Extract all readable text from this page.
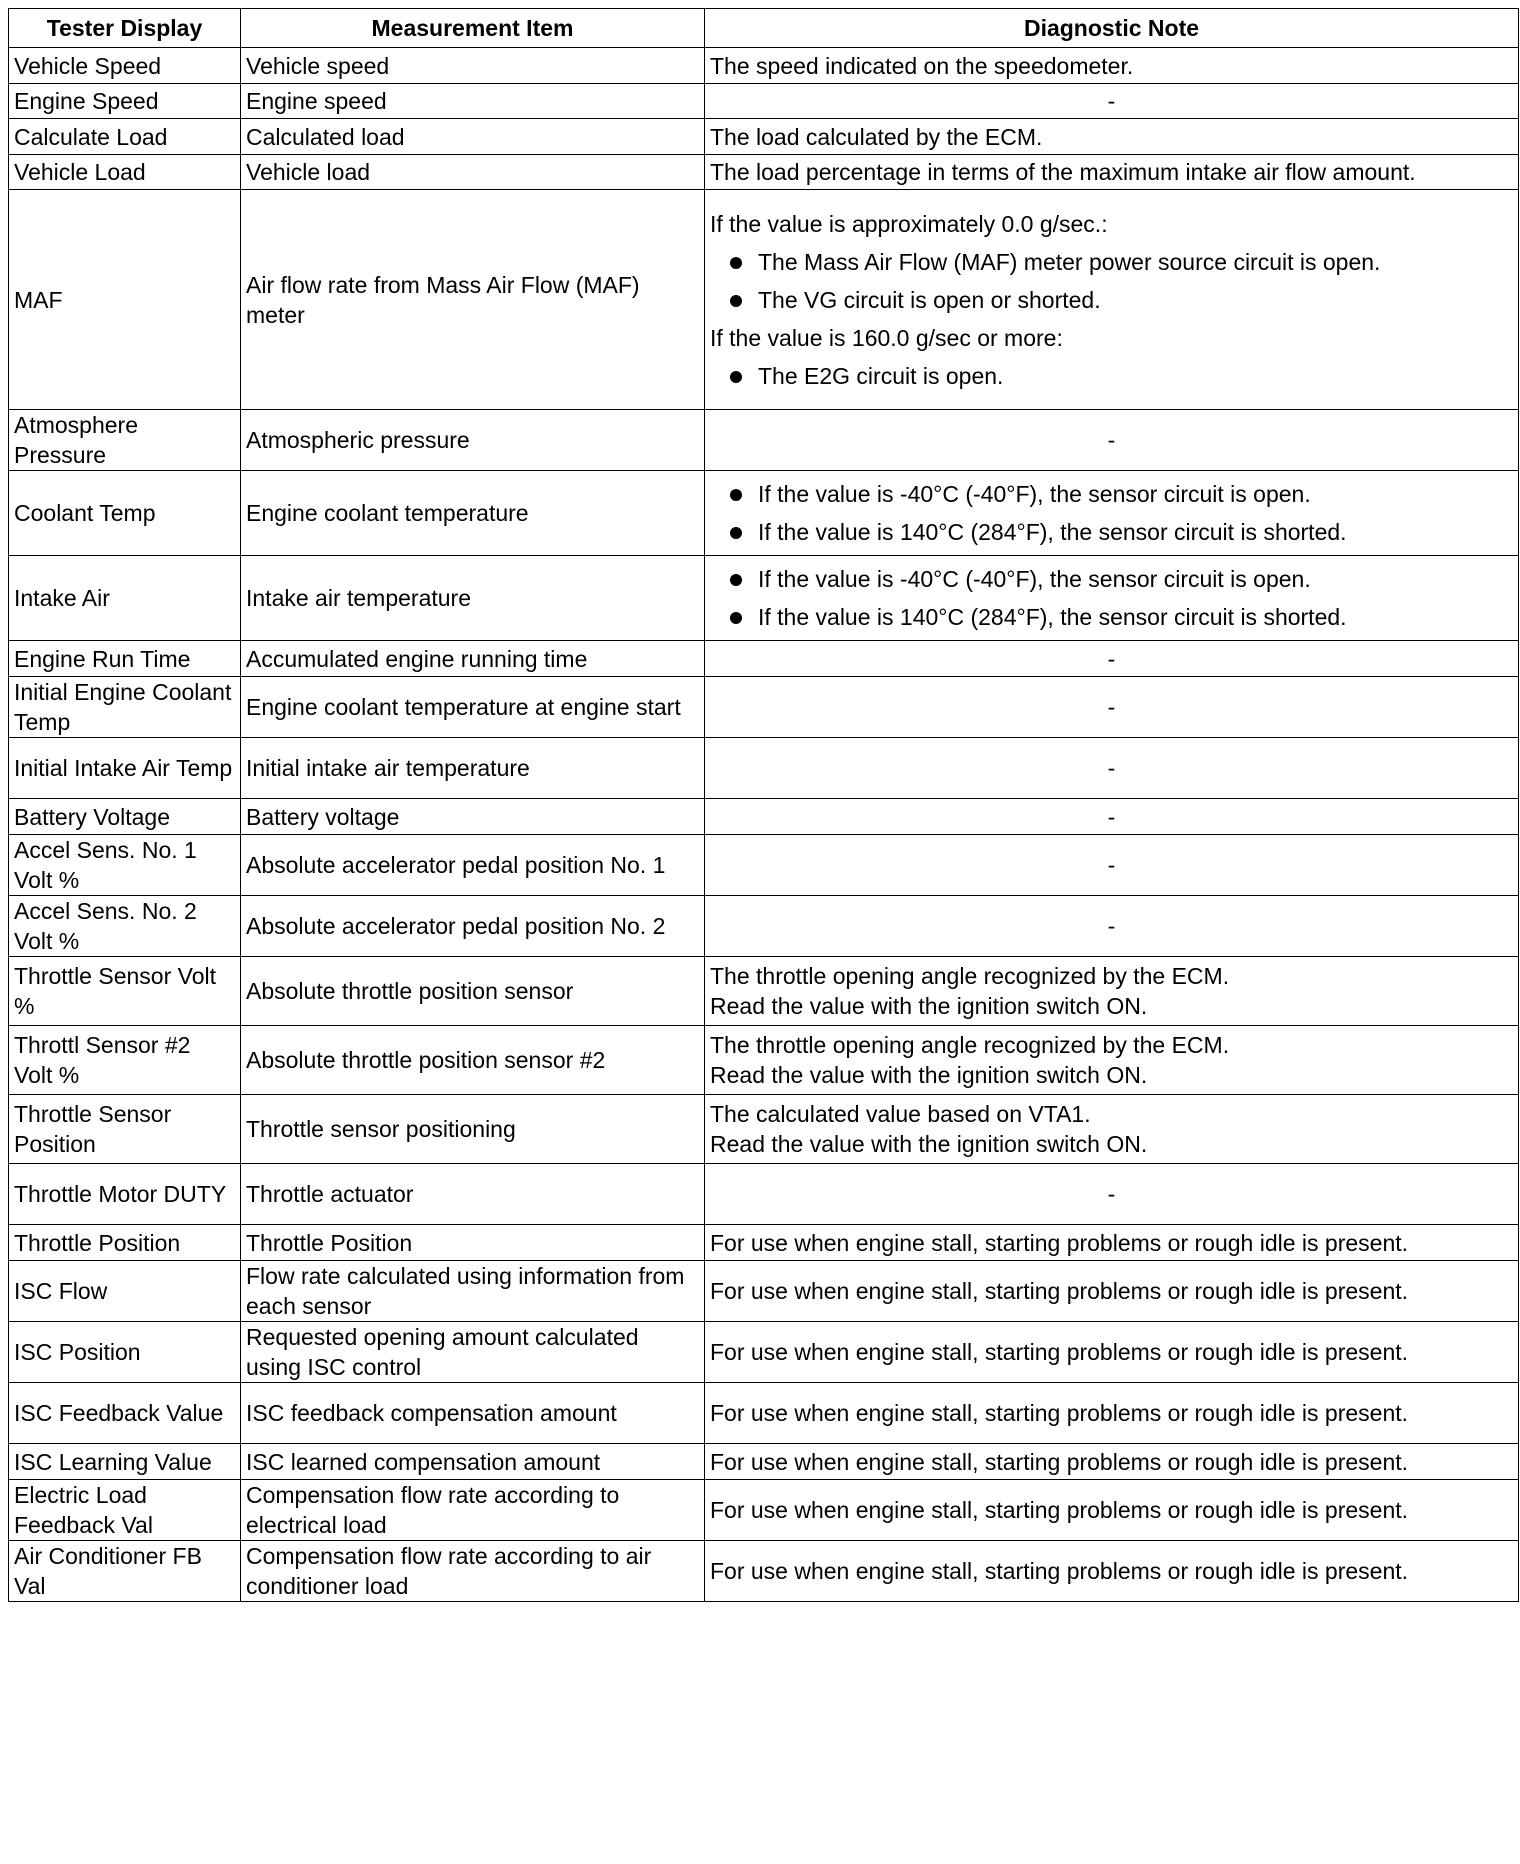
Tester Display	Measurement Item	Diagnostic Note
Vehicle Speed	Vehicle speed	The speed indicated on the speedometer.
Engine Speed	Engine speed	-
Calculate Load	Calculated load	The load calculated by the ECM.
Vehicle Load	Vehicle load	The load percentage in terms of the maximum intake air flow amount.
MAF	Air flow rate from Mass Air Flow (MAF) meter	If the value is approximately 0.0 g/sec.:
The Mass Air Flow (MAF) meter power source circuit is open.
The VG circuit is open or shorted.
If the value is 160.0 g/sec or more:
The E2G circuit is open.

Atmosphere Pressure	Atmospheric pressure	-
Coolant Temp	Engine coolant temperature	If the value is -40°C (-40°F), the sensor circuit is open.
If the value is 140°C (284°F), the sensor circuit is shorted.

Intake Air	Intake air temperature	If the value is -40°C (-40°F), the sensor circuit is open.
If the value is 140°C (284°F), the sensor circuit is shorted.

Engine Run Time	Accumulated engine running time	-
Initial Engine Coolant Temp	Engine coolant temperature at engine start	-
Initial Intake Air Temp	Initial intake air temperature	-
Battery Voltage	Battery voltage	-
Accel Sens. No. 1 Volt %	Absolute accelerator pedal position No. 1	-
Accel Sens. No. 2 Volt %	Absolute accelerator pedal position No. 2	-
Throttle Sensor Volt %	Absolute throttle position sensor	The throttle opening angle recognized by the ECM.
Read the value with the ignition switch ON.

Throttl Sensor #2 Volt %	Absolute throttle position sensor #2	The throttle opening angle recognized by the ECM.
Read the value with the ignition switch ON.

Throttle Sensor Position	Throttle sensor positioning	The calculated value based on VTA1.
Read the value with the ignition switch ON.

Throttle Motor DUTY	Throttle actuator	-
Throttle Position	Throttle Position	For use when engine stall, starting problems or rough idle is present.
ISC Flow	Flow rate calculated using information from each sensor	For use when engine stall, starting problems or rough idle is present.
ISC Position	Requested opening amount calculated using ISC control	For use when engine stall, starting problems or rough idle is present.
ISC Feedback Value	ISC feedback compensation amount	For use when engine stall, starting problems or rough idle is present.
ISC Learning Value	ISC learned compensation amount	For use when engine stall, starting problems or rough idle is present.
Electric Load Feedback Val	Compensation flow rate according to electrical load	For use when engine stall, starting problems or rough idle is present.
Air Conditioner FB Val	Compensation flow rate according to air conditioner load	For use when engine stall, starting problems or rough idle is present.
